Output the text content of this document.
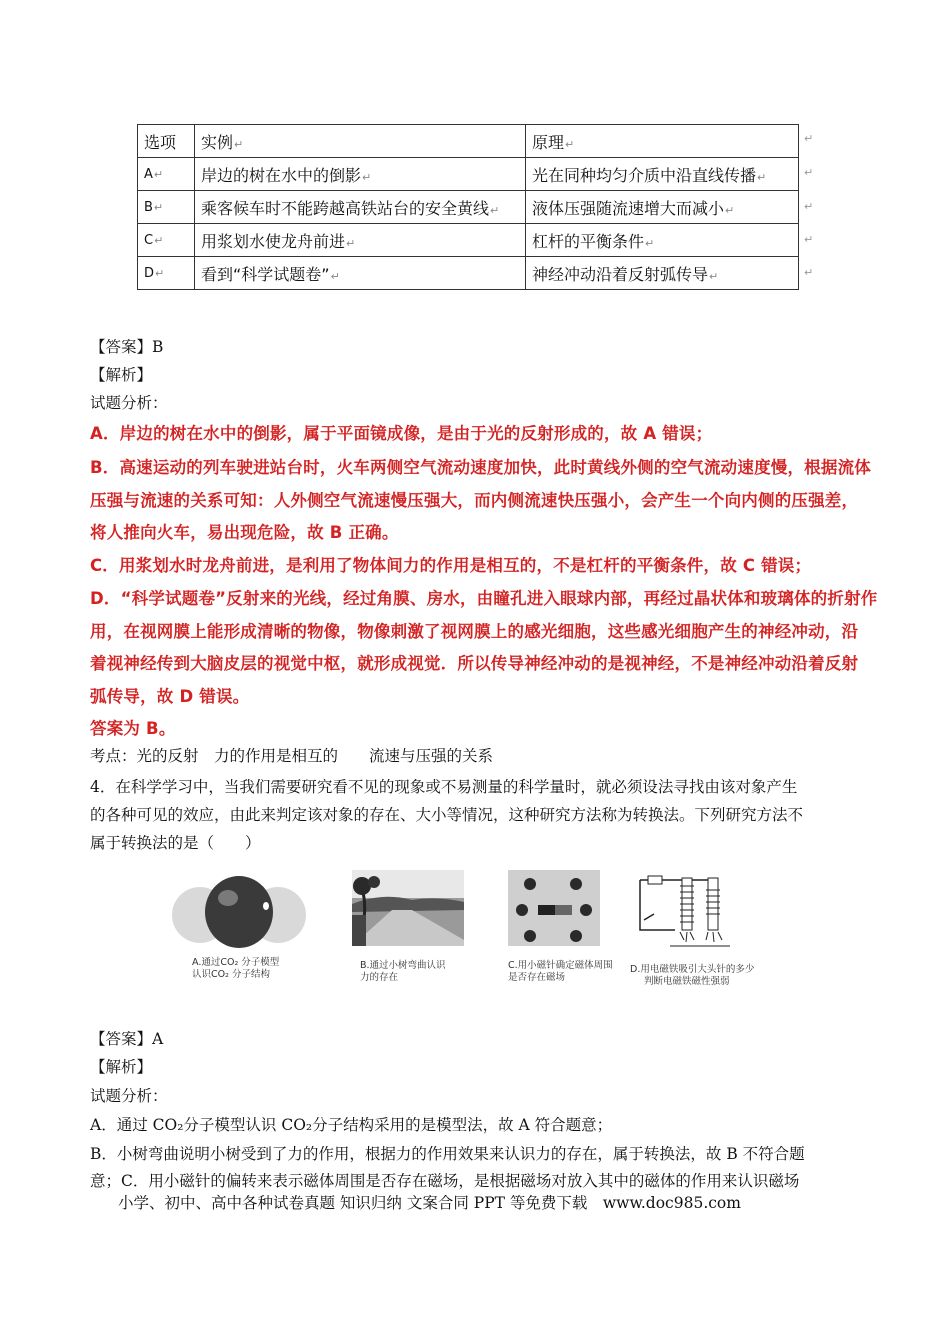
选项	实例↵	原理↵
A↵	岸边的树在水中的倒影↵	光在同种均匀介质中沿直线传播↵
B↵	乘客候车时不能跨越高铁站台的安全黄线↵	液体压强随流速增大而减小↵
C↵	用浆划水使龙舟前进↵	杠杆的平衡条件↵
D↵	看到“科学试题卷”↵	神经冲动沿着反射弧传导↵
↵
↵
↵
↵
↵
【答案】B
【解析】
试题分析：
A．岸边的树在水中的倒影，属于平面镜成像，是由于光的反射形成的，故 A 错误；
B．高速运动的列车驶进站台时，火车两侧空气流动速度加快，此时黄线外侧的空气流动速度慢，根据流体
压强与流速的关系可知：人外侧空气流速慢压强大，而内侧流速快压强小，会产生一个向内侧的压强差，
将人推向火车，易出现危险，故 B 正确。
C．用浆划水时龙舟前进，是利用了物体间力的作用是相互的，不是杠杆的平衡条件，故 C 错误；
D．“科学试题卷”反射来的光线，经过角膜、房水，由瞳孔进入眼球内部，再经过晶状体和玻璃体的折射作
用，在视网膜上能形成清晰的物像，物像刺激了视网膜上的感光细胞，这些感光细胞产生的神经冲动，沿
着视神经传到大脑皮层的视觉中枢，就形成视觉．所以传导神经冲动的是视神经，不是神经冲动沿着反射
弧传导，故 D 错误。
答案为 B。
考点：光的反射　力的作用是相互的　　流速与压强的关系
4．在科学学习中，当我们需要研究看不见的现象或不易测量的科学量时，就必须设法寻找由该对象产生
的各种可见的效应，由此来判定该对象的存在、大小等情况，这种研究方法称为转换法。下列研究方法不
属于转换法的是（　　）
A.通过CO₂ 分子模型
认识CO₂ 分子结构
B.通过小树弯曲认识
力的存在
C.用小磁针确定磁体周围
是否存在磁场
D.用电磁铁吸引大头针的多少
判断电磁铁磁性强弱
【答案】A
【解析】
试题分析：
A．通过 CO₂分子模型认识 CO₂分子结构采用的是模型法，故 A 符合题意；
B．小树弯曲说明小树受到了力的作用，根据力的作用效果来认识力的存在，属于转换法，故 B 不符合题
意；C．用小磁针的偏转来表示磁体周围是否存在磁场，是根据磁场对放入其中的磁体的作用来认识磁场
小学、初中、高中各种试卷真题 知识归纳 文案合同 PPT 等免费下载　www.doc985.com
